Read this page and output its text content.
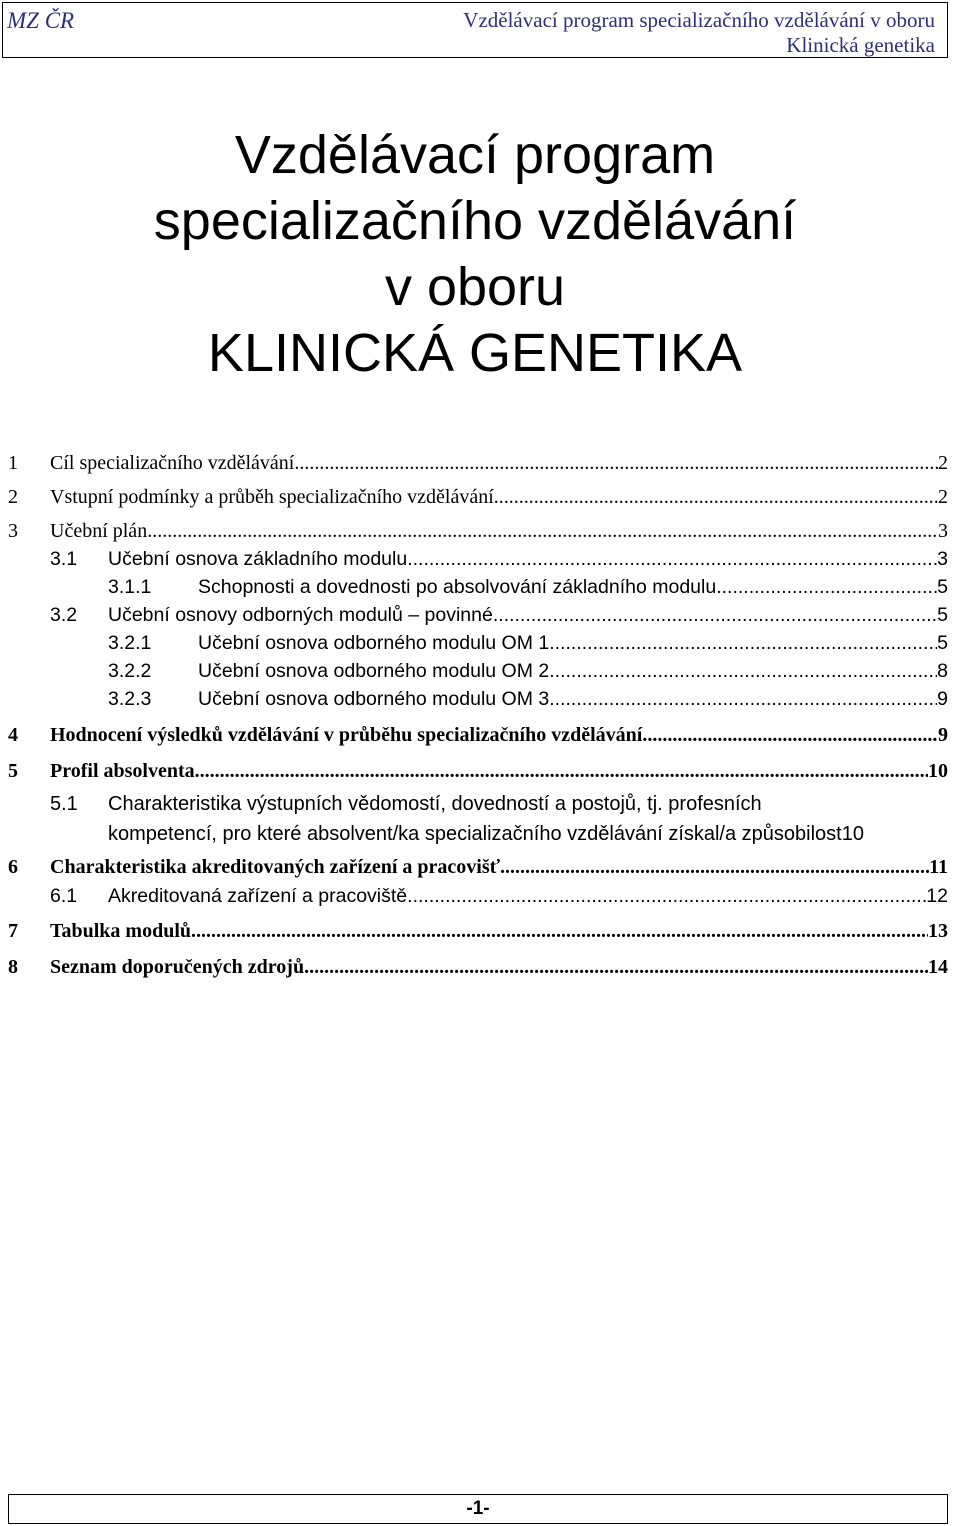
MZ ČR	Vzdělávací program specializačního vzdělávání v oboru
Klinická genetika
Vzdělávací program
specializačního vzdělávání
v oboru
KLINICKÁ GENETIKA
1 Cíl specializačního vzdělávání .....	2
2 Vstupní podmínky a průběh specializačního vzdělávání .....	2
3 Učební plán .....	3
3.1 Učební osnova základního modulu .....	3
3.1.1 Schopnosti a dovednosti po absolvování základního modulu .....	5
3.2 Učební osnovy odborných modulů – povinné .....	5
3.2.1 Učební osnova odborného modulu OM 1 .....	5
3.2.2 Učební osnova odborného modulu OM 2 .....	8
3.2.3 Učební osnova odborného modulu OM 3 .....	9
4 Hodnocení výsledků vzdělávání v průběhu specializačního vzdělávání .....	9
5 Profil absolventa .....	10
5.1 Charakteristika výstupních vědomostí, dovedností a postojů, tj. profesních
kompetencí, pro které absolvent/ka specializačního vzdělávání získal/a způsobilost10
6 Charakteristika akreditovaných zařízení a pracovišť .....	11
6.1 Akreditovaná zařízení a pracoviště .....	12
7 Tabulka modulů .....	13
8 Seznam doporučených zdrojů .....	14
-1-
